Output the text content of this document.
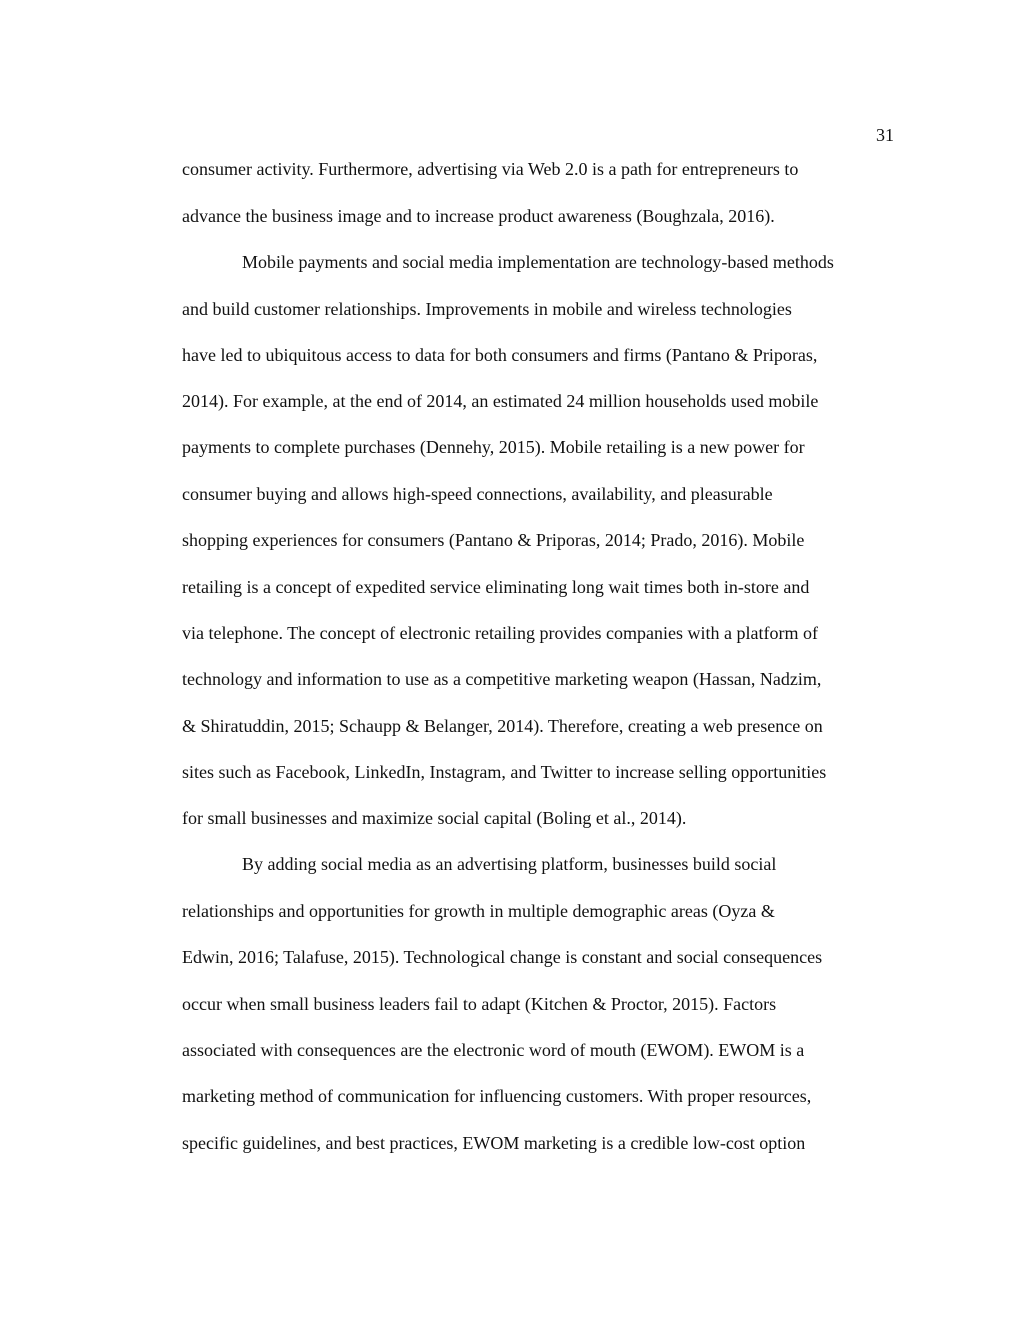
31
consumer activity. Furthermore, advertising via Web 2.0 is a path for entrepreneurs to
advance the business image and to increase product awareness (Boughzala, 2016).
Mobile payments and social media implementation are technology-based methods
and build customer relationships. Improvements in mobile and wireless technologies
have led to ubiquitous access to data for both consumers and firms (Pantano & Priporas,
2014). For example, at the end of 2014, an estimated 24 million households used mobile
payments to complete purchases (Dennehy, 2015). Mobile retailing is a new power for
consumer buying and allows high-speed connections, availability, and pleasurable
shopping experiences for consumers (Pantano & Priporas, 2014; Prado, 2016). Mobile
retailing is a concept of expedited service eliminating long wait times both in-store and
via telephone. The concept of electronic retailing provides companies with a platform of
technology and information to use as a competitive marketing weapon (Hassan, Nadzim,
& Shiratuddin, 2015; Schaupp & Belanger, 2014). Therefore, creating a web presence on
sites such as Facebook, LinkedIn, Instagram, and Twitter to increase selling opportunities
for small businesses and maximize social capital (Boling et al., 2014).
By adding social media as an advertising platform, businesses build social
relationships and opportunities for growth in multiple demographic areas (Oyza &
Edwin, 2016; Talafuse, 2015). Technological change is constant and social consequences
occur when small business leaders fail to adapt (Kitchen & Proctor, 2015). Factors
associated with consequences are the electronic word of mouth (EWOM). EWOM is a
marketing method of communication for influencing customers. With proper resources,
specific guidelines, and best practices, EWOM marketing is a credible low-cost option
